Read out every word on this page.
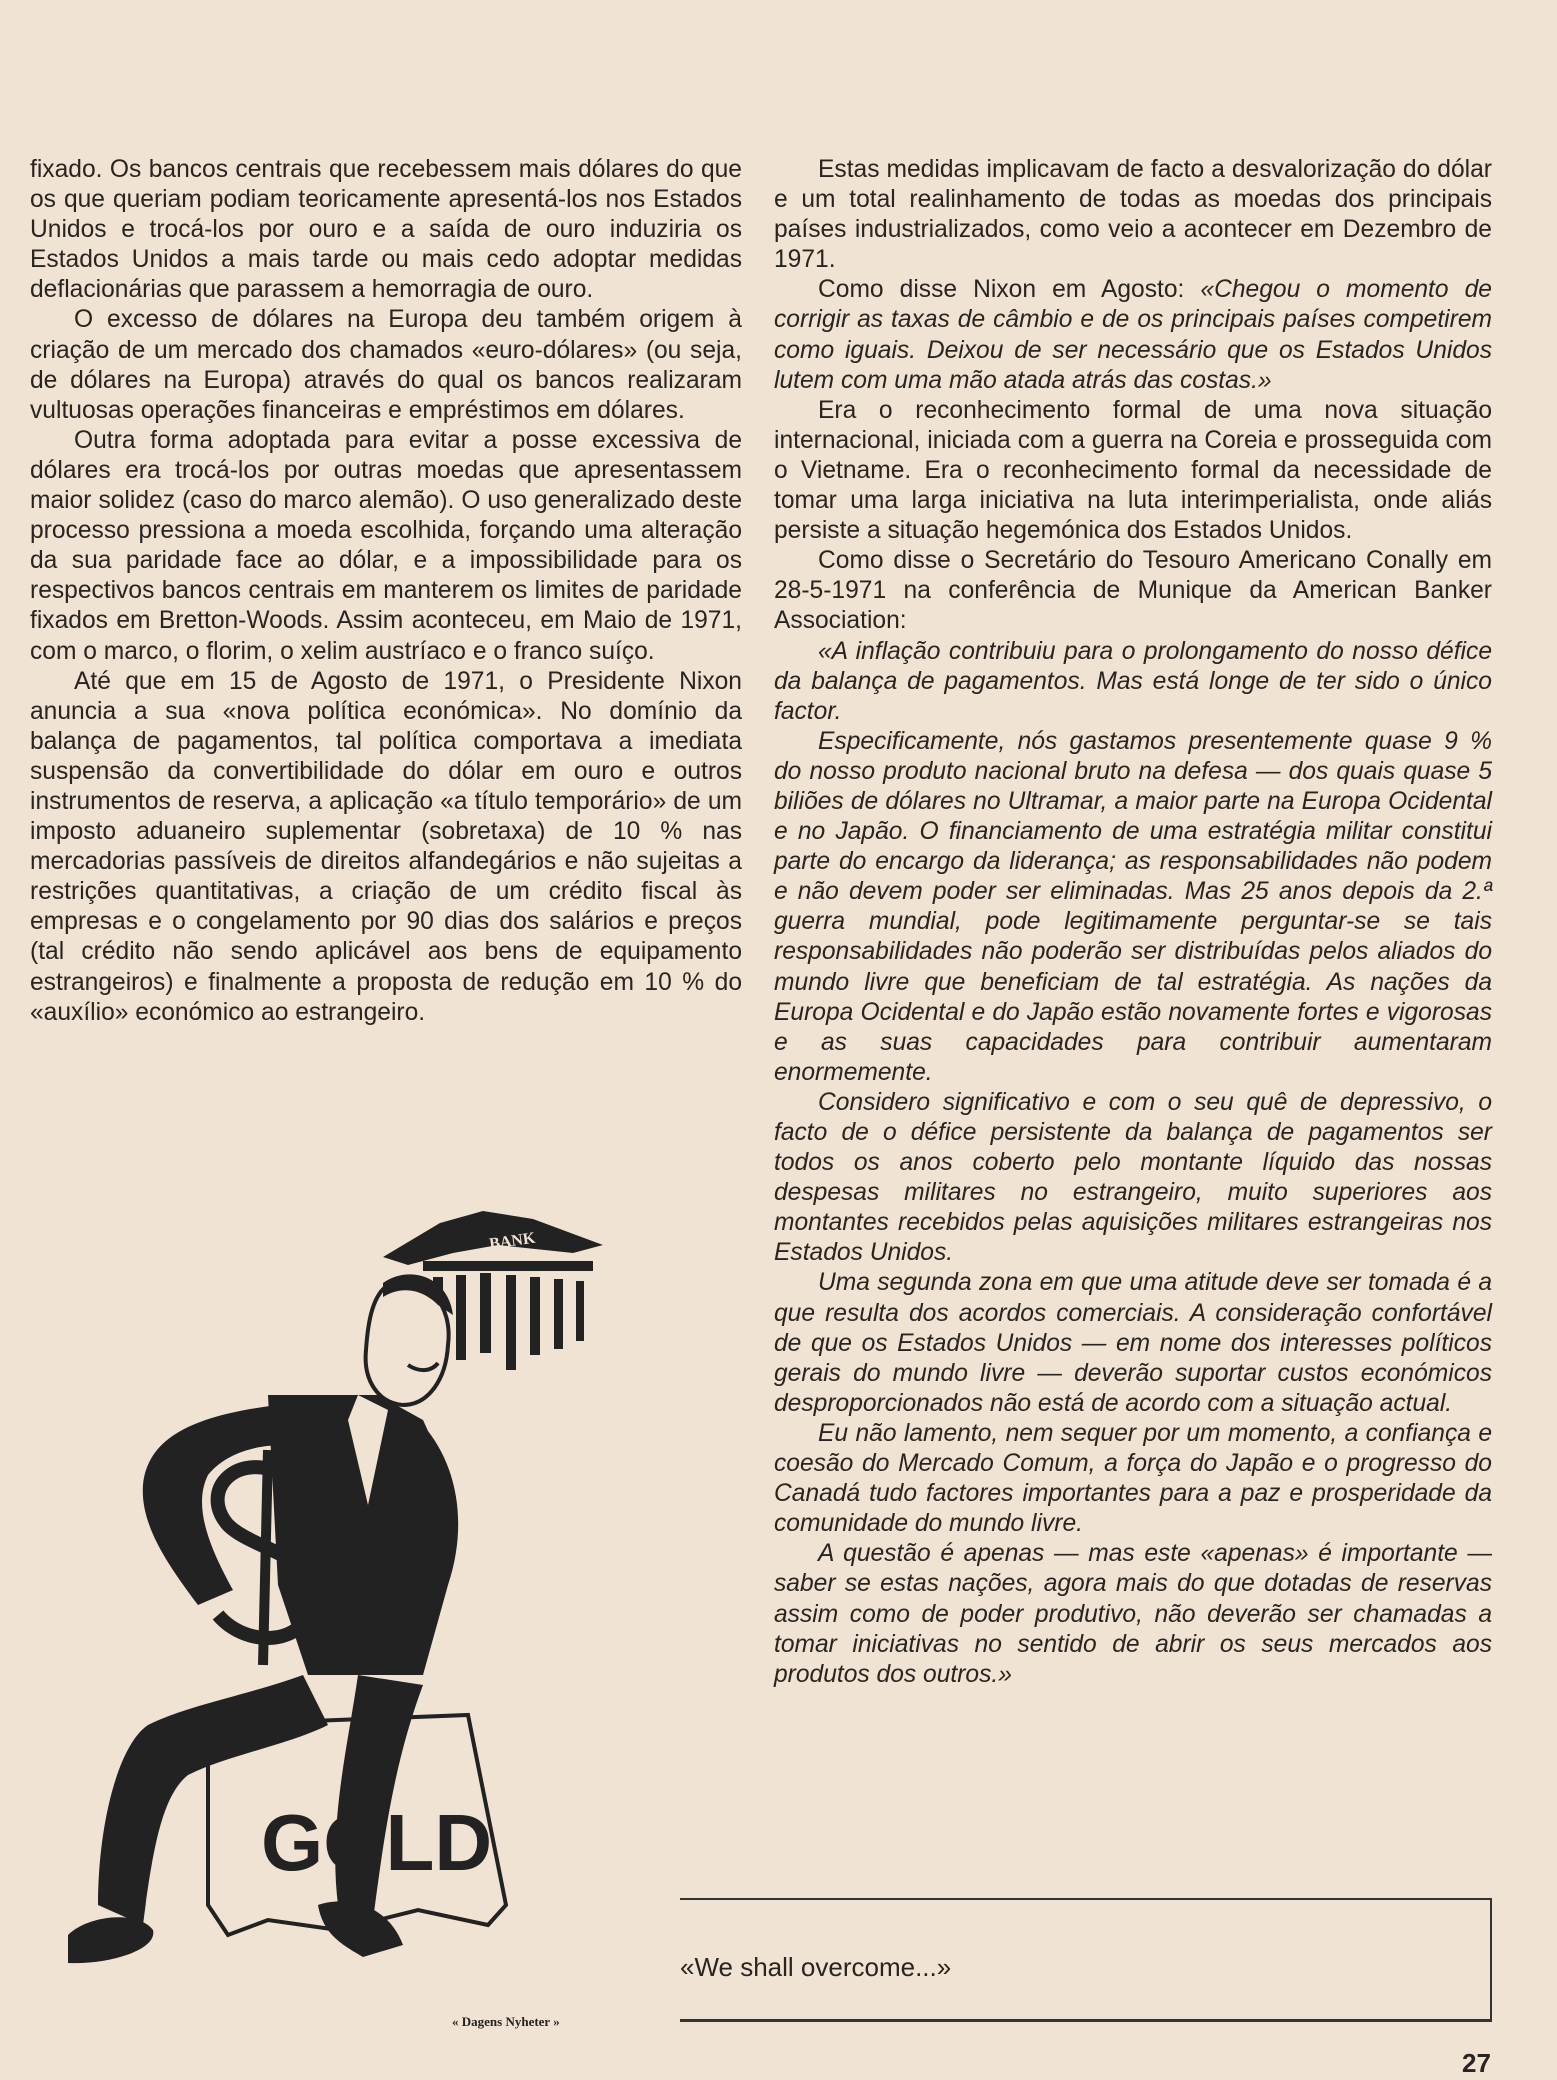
fixado. Os bancos centrais que recebessem mais dólares do que os que queriam podiam teoricamente apresentá-los nos Estados Unidos e trocá-los por ouro e a saída de ouro induziria os Estados Unidos a mais tarde ou mais cedo adoptar medidas deflacionárias que parassem a hemorragia de ouro.

O excesso de dólares na Europa deu também origem à criação de um mercado dos chamados «euro-dólares» (ou seja, de dólares na Europa) através do qual os bancos realizaram vultuosas operações financeiras e empréstimos em dólares.

Outra forma adoptada para evitar a posse excessiva de dólares era trocá-los por outras moedas que apresentassem maior solidez (caso do marco alemão). O uso generalizado deste processo pressiona a moeda escolhida, forçando uma alteração da sua paridade face ao dólar, e a impossibilidade para os respectivos bancos centrais em manterem os limites de paridade fixados em Bretton-Woods. Assim aconteceu, em Maio de 1971, com o marco, o florim, o xelim austríaco e o franco suíço.

Até que em 15 de Agosto de 1971, o Presidente Nixon anuncia a sua «nova política económica». No domínio da balança de pagamentos, tal política comportava a imediata suspensão da convertibilidade do dólar em ouro e outros instrumentos de reserva, a aplicação «a título temporário» de um imposto aduaneiro suplementar (sobretaxa) de 10 % nas mercadorias passíveis de direitos alfandegários e não sujeitas a restrições quantitativas, a criação de um crédito fiscal às empresas e o congelamento por 90 dias dos salários e preços (tal crédito não sendo aplicável aos bens de equipamento estrangeiros) e finalmente a proposta de redução em 10 % do «auxílio» económico ao estrangeiro.

Estas medidas implicavam de facto a desvalorização do dólar e um total realinhamento de todas as moedas dos principais países industrializados, como veio a acontecer em Dezembro de 1971.

Como disse Nixon em Agosto: «Chegou o momento de corrigir as taxas de câmbio e de os principais países competirem como iguais. Deixou de ser necessário que os Estados Unidos lutem com uma mão atada atrás das costas.»

Era o reconhecimento formal de uma nova situação internacional, iniciada com a guerra na Coreia e prosseguida com o Vietname. Era o reconhecimento formal da necessidade de tomar uma larga iniciativa na luta interimperialista, onde aliás persiste a situação hegemónica dos Estados Unidos.

Como disse o Secretário do Tesouro Americano Conally em 28-5-1971 na conferência de Munique da American Banker Association:

«A inflação contribuiu para o prolongamento do nosso défice da balança de pagamentos. Mas está longe de ter sido o único factor.

Especificamente, nós gastamos presentemente quase 9 % do nosso produto nacional bruto na defesa — dos quais quase 5 biliões de dólares no Ultramar, a maior parte na Europa Ocidental e no Japão. O financiamento de uma estratégia militar constitui parte do encargo da liderança; as responsabilidades não podem e não devem poder ser eliminadas. Mas 25 anos depois da 2.ª guerra mundial, pode legitimamente perguntar-se se tais responsabilidades não poderão ser distribuídas pelos aliados do mundo livre que beneficiam de tal estratégia. As nações da Europa Ocidental e do Japão estão novamente fortes e vigorosas e as suas capacidades para contribuir aumentaram enormemente.

Considero significativo e com o seu quê de depressivo, o facto de o défice persistente da balança de pagamentos ser todos os anos coberto pelo montante líquido das nossas despesas militares no estrangeiro, muito superiores aos montantes recebidos pelas aquisições militares estrangeiras nos Estados Unidos.

Uma segunda zona em que uma atitude deve ser tomada é a que resulta dos acordos comerciais. A consideração confortável de que os Estados Unidos — em nome dos interesses políticos gerais do mundo livre — deverão suportar custos económicos desproporcionados não está de acordo com a situação actual.

Eu não lamento, nem sequer por um momento, a confiança e coesão do Mercado Comum, a força do Japão e o progresso do Canadá tudo factores importantes para a paz e prosperidade da comunidade do mundo livre.

A questão é apenas — mas este «apenas» é importante — saber se estas nações, agora mais do que dotadas de reservas assim como de poder produtivo, não deverão ser chamadas a tomar iniciativas no sentido de abrir os seus mercados aos produtos dos outros.»

BANK
$
GOLD
« Dagens Nyheter »
«We shall overcome...»
27
